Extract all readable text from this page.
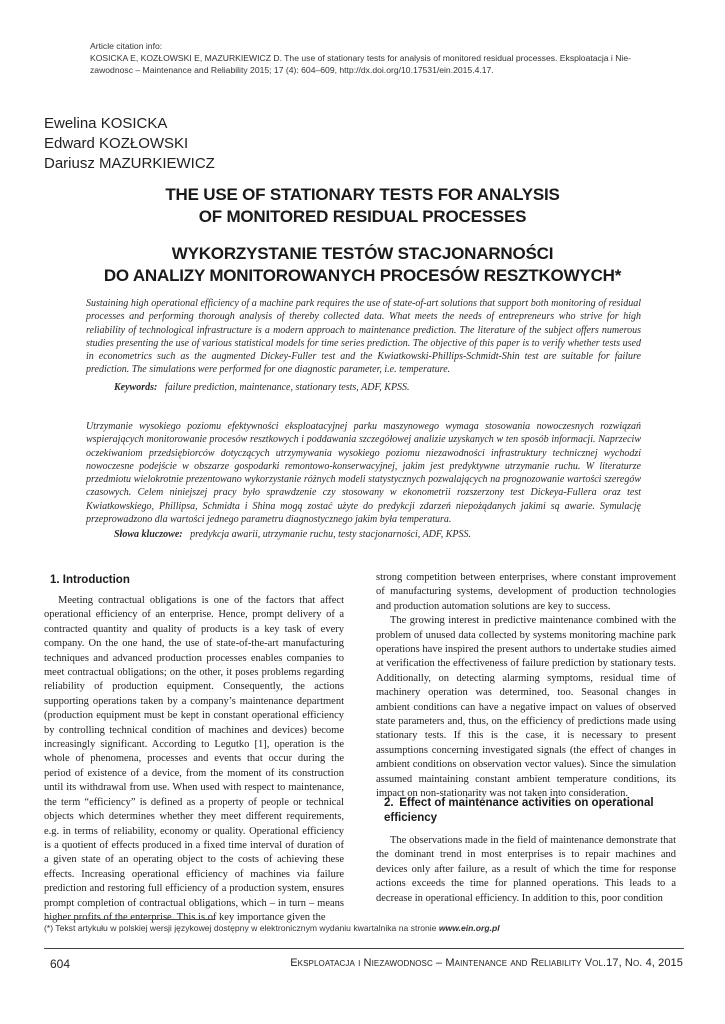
Article citation info:

KOSICKA E, KOZŁOWSKI E, MAZURKIEWICZ D. The use of stationary tests for analysis of monitored residual processes. Eksploatacja i Nie-

zawodnosc – Maintenance and Reliability 2015; 17 (4): 604–609, http://dx.doi.org/10.17531/ein.2015.4.17.

Ewelina KOSICKA
Edward KOZŁOWSKI
Dariusz MAZURKIEWICZ
THE USE OF STATIONARY TESTS FOR ANALYSIS
OF MONITORED RESIDUAL PROCESSES
WYKORZYSTANIE TESTÓW STACJONARNOŚCI
DO ANALIZY MONITOROWANYCH PROCESÓW RESZTKOWYCH*
Sustaining high operational efficiency of a machine park requires the use of state-of-art solutions that support both monitoring of residual processes and performing thorough analysis of thereby collected data. What meets the needs of entrepreneurs who strive for high reliability of technological infrastructure is a modern approach to maintenance prediction. The literature of the subject offers numerous studies presenting the use of various statistical models for time series prediction. The objective of this paper is to verify whether tests used in econometrics such as the augmented Dickey-Fuller test and the Kwiatkowski-Phillips-Schmidt-Shin test are suitable for failure prediction. The simulations were performed for one diagnostic parameter, i.e. temperature.
Keywords: failure prediction, maintenance, stationary tests, ADF, KPSS.
Utrzymanie wysokiego poziomu efektywności eksploatacyjnej parku maszynowego wymaga stosowania nowoczesnych rozwiązań wspierających monitorowanie procesów resztkowych i poddawania szczegółowej analizie uzyskanych w ten sposób informacji. Naprzeciw oczekiwaniom przedsiębiorców dotyczących utrzymywania wysokiego poziomu niezawodności infrastruktury technicznej wychodzi nowoczesne podejście w obszarze gospodarki remontowo-konserwacyjnej, jakim jest predyktywne utrzymanie ruchu. W literaturze przedmiotu wielokrotnie prezentowano wykorzystanie różnych modeli statystycznych pozwalających na prognozowanie wartości szeregów czasowych. Celem niniejszej pracy było sprawdzenie czy stosowany w ekonometrii rozszerzony test Dickeya-Fullera oraz test Kwiatkowskiego, Phillipsa, Schmidta i Shina mogą zostać użyte do predykcji zdarzeń niepożądanych jakimi są awarie. Symulację przeprowadzono dla wartości jednego parametru diagnostycznego jakim była temperatura.
Słowa kluczowe: predykcja awarii, utrzymanie ruchu, testy stacjonarności, ADF, KPSS.
1. Introduction

Meeting contractual obligations is one of the factors that affect operational efficiency of an enterprise. Hence, prompt delivery of a contracted quantity and quality of products is a key task of every company. On the one hand, the use of state-of-the-art manufacturing techniques and advanced production processes enables companies to meet contractual obligations; on the other, it poses problems regarding reliability of production equipment. Consequently, the actions supporting operations taken by a company’s maintenance department (production equipment must be kept in constant operational efficiency by controlling technical condition of machines and devices) become increasingly significant. According to Legutko [1], operation is the whole of phenomena, processes and events that occur during the period of existence of a device, from the moment of its construction until its withdrawal from use. When used with respect to maintenance, the term “efficiency” is defined as a property of people or technical objects which determines whether they meet different requirements, e.g. in terms of reliability, economy or quality. Operational efficiency is a quotient of effects produced in a fixed time interval of duration of a given state of an operating object to the costs of achieving these effects. Increasing operational efficiency of machines via failure prediction and restoring full efficiency of a production system, ensures prompt completion of contractual obligations, which – in turn – means higher profits of the enterprise. This is of key importance given the

strong competition between enterprises, where constant improvement of manufacturing systems, development of production technologies and production automation solutions are key to success.

The growing interest in predictive maintenance combined with the problem of unused data collected by systems monitoring machine park operations have inspired the present authors to undertake studies aimed at verification the effectiveness of failure prediction by stationary tests. Additionally, on detecting alarming symptoms, residual time of machinery operation was determined, too. Seasonal changes in ambient conditions can have a negative impact on values of observed state parameters and, thus, on the efficiency of predictions made using stationary tests. If this is the case, it is necessary to present assumptions concerning investigated signals (the effect of changes in ambient conditions on observation vector values). Since the simulation assumed maintaining constant ambient temperature conditions, its impact on non-stationarity was not taken into consideration.

2. Effect of maintenance activities on operational efficiency

The observations made in the field of maintenance demonstrate that the dominant trend in most enterprises is to repair machines and devices only after failure, as a result of which the time for response actions exceeds the time for planned operations. This leads to a decrease in operational efficiency. In addition to this, poor condition

(*) Tekst artykułu w polskiej wersji językowej dostępny w elektronicznym wydaniu kwartalnika na stronie www.ein.org.pl
604	Eksploatacja i Niezawodnosc – Maintenance and Reliability Vol.17, No. 4, 2015
